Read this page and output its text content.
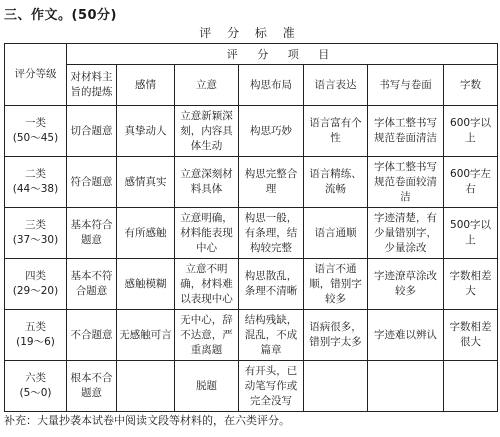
三、作文。(50分)
评 分 标 准
评分等级	评 分 项 目						
	对材料主旨的提炼	感情	立意	构思布局	语言表达	书写与卷面	字数

一类
(50～45)	切合题意	真挚动人	立意新颖深刻，内容具体生动	构思巧妙	语言富有个性	字体工整书写规范卷面清洁	600字以上

二类
(44～38)	符合题意	感情真实	立意深刻材料具体	构思完整合理	语言精练、流畅	字体工整书写规范卷面较清洁	600字左右

三类
(37～30)	基本符合题意	有所感触	立意明确，材料能表现中心	构思一般，有条理，结构较完整	语言通顺	字迹清楚，有少量错别字，少量涂改	500字以上

四类
(29～20)	基本不符合题意	感触模糊	立意不明确，材料难以表现中心	构思散乱，条理不清晰	语言不通顺，错别字较多	字迹潦草涂改较多	字数相差大

五类
(19～6)	不合题意	无感触可言	无中心，辞不达意，严重离题	结构残缺，混乱，不成篇章	语病很多，错别字太多	字迹难以辨认	字数相差很大

六类
(5～0)	根本不合题意		脱题	有开头，已动笔写作或完全没写			
补充：大量抄袭本试卷中阅读文段等材料的，在六类评分。
